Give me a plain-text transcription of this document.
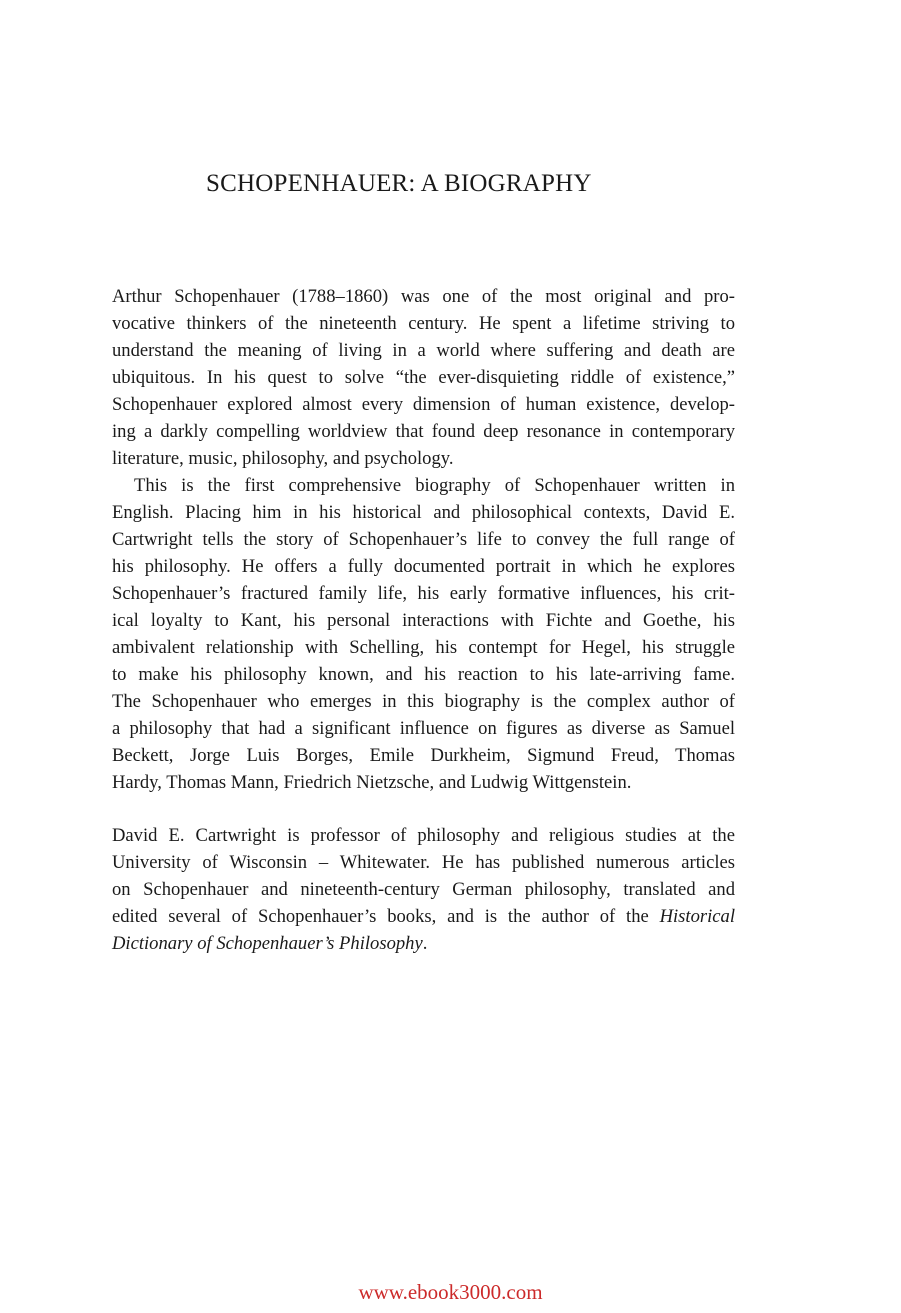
SCHOPENHAUER: A BIOGRAPHY
Arthur Schopenhauer (1788–1860) was one of the most original and pro-
vocative thinkers of the nineteenth century. He spent a lifetime striving to
understand the meaning of living in a world where suffering and death are
ubiquitous. In his quest to solve “the ever-disquieting riddle of existence,”
Schopenhauer explored almost every dimension of human existence, develop-
ing a darkly compelling worldview that found deep resonance in contemporary
literature, music, philosophy, and psychology.
This is the first comprehensive biography of Schopenhauer written in
English. Placing him in his historical and philosophical contexts, David E.
Cartwright tells the story of Schopenhauer’s life to convey the full range of
his philosophy. He offers a fully documented portrait in which he explores
Schopenhauer’s fractured family life, his early formative influences, his crit-
ical loyalty to Kant, his personal interactions with Fichte and Goethe, his
ambivalent relationship with Schelling, his contempt for Hegel, his struggle
to make his philosophy known, and his reaction to his late-arriving fame.
The Schopenhauer who emerges in this biography is the complex author of
a philosophy that had a significant influence on figures as diverse as Samuel
Beckett, Jorge Luis Borges, Emile Durkheim, Sigmund Freud, Thomas
Hardy, Thomas Mann, Friedrich Nietzsche, and Ludwig Wittgenstein.
David E. Cartwright is professor of philosophy and religious studies at the
University of Wisconsin – Whitewater. He has published numerous articles
on Schopenhauer and nineteenth-century German philosophy, translated and
edited several of Schopenhauer’s books, and is the author of the Historical
Dictionary of Schopenhauer’s Philosophy.
www.ebook3000.com
